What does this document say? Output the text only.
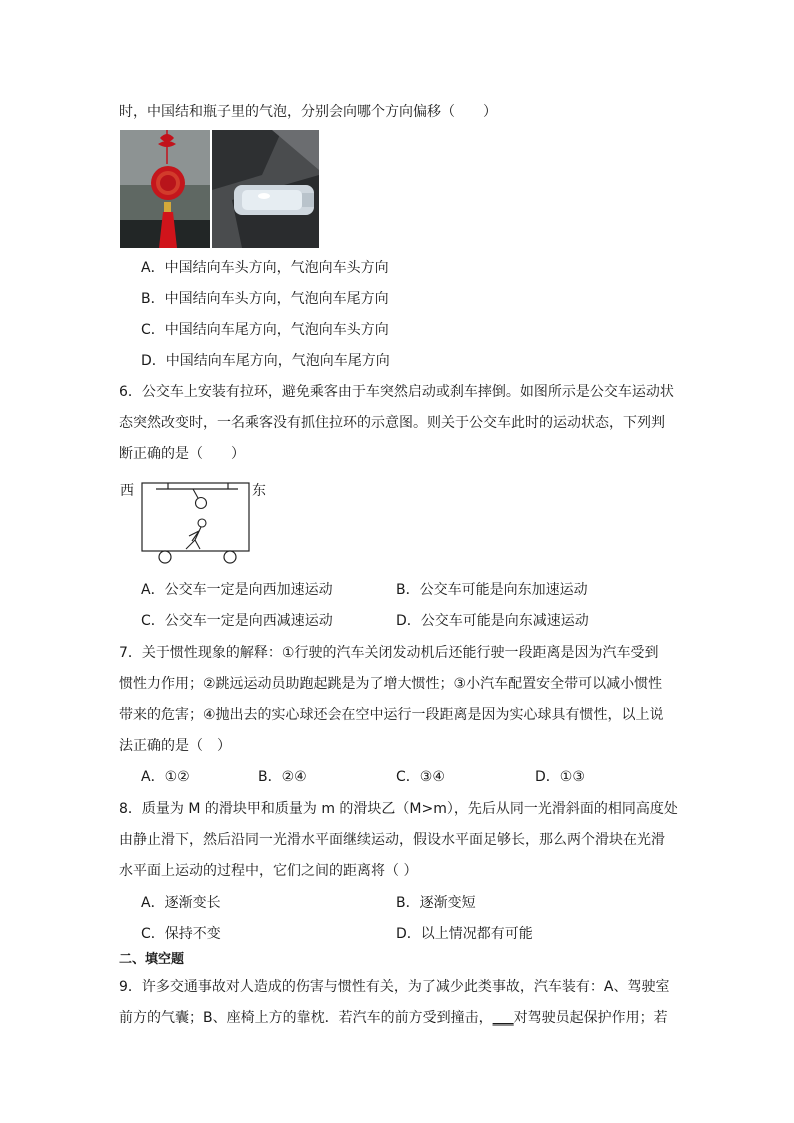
时，中国结和瓶子里的气泡，分别会向哪个方向偏移（　　）
A．中国结向车头方向，气泡向车头方向
B．中国结向车头方向，气泡向车尾方向
C．中国结向车尾方向，气泡向车头方向
D．中国结向车尾方向，气泡向车尾方向
6．公交车上安装有拉环，避免乘客由于车突然启动或刹车摔倒。如图所示是公交车运动状
态突然改变时，一名乘客没有抓住拉环的示意图。则关于公交车此时的运动状态，下列判
断正确的是（　　）
西	东
A．公交车一定是向西加速运动	B．公交车可能是向东加速运动
C．公交车一定是向西减速运动	D．公交车可能是向东减速运动
7．关于惯性现象的解释：①行驶的汽车关闭发动机后还能行驶一段距离是因为汽车受到
惯性力作用；②跳远运动员助跑起跳是为了增大惯性；③小汽车配置安全带可以减小惯性
带来的危害；④抛出去的实心球还会在空中运行一段距离是因为实心球具有惯性，以上说
法正确的是（　）
A．①②	B．②④	C．③④	D．①③
8．质量为 M 的滑块甲和质量为 m 的滑块乙（M>m），先后从同一光滑斜面的相同高度处
由静止滑下，然后沿同一光滑水平面继续运动，假设水平面足够长，那么两个滑块在光滑
水平面上运动的过程中，它们之间的距离将（ ）
A．逐渐变长	B．逐渐变短
C．保持不变	D．以上情况都有可能
二、填空题
9．许多交通事故对人造成的伤害与惯性有关，为了减少此类事故，汽车装有：A、驾驶室
前方的气囊；B、座椅上方的靠枕．若汽车的前方受到撞击，___对驾驶员起保护作用；若
